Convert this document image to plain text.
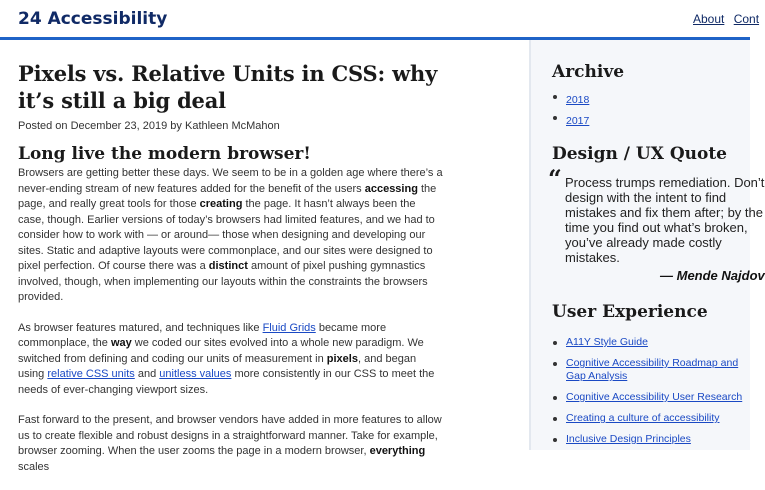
24 Accessibility	About Cont
Pixels vs. Relative Units in CSS: why it’s still a big deal

Posted on December 23, 2019 by Kathleen McMahon

Long live the modern browser!

Browsers are getting better these days. We seem to be in a golden age where there’s a never-ending stream of new features added for the benefit of the users accessing the page, and really great tools for those creating the page. It hasn’t always been the case, though. Earlier versions of today’s browsers had limited features, and we had to consider how to work with — or around— those when designing and developing our sites. Static and adaptive layouts were commonplace, and our sites were designed to pixel perfection. Of course there was a distinct amount of pixel pushing gymnastics involved, though, when implementing our layouts within the constraints the browsers provided.

As browser features matured, and techniques like Fluid Grids became more commonplace, the way we coded our sites evolved into a whole new paradigm. We switched from defining and coding our units of measurement in pixels, and began using relative CSS units and unitless values more consistently in our CSS to meet the needs of ever-changing viewport sizes.

Fast forward to the present, and browser vendors have added in more features to allow us to create flexible and robust designs in a straightforward manner. Take for example, browser zooming. When the user zooms the page in a modern browser, everything scales

Archive
2018
2017
Design / UX Quote
“ Process trumps remediation. Don’t design with the intent to find mistakes and fix them after; by the time you find out what’s broken, you’ve already made costly mistakes.

— Mende Najdov

User Experience
A11Y Style Guide
Cognitive Accessibility Roadmap and Gap Analysis
Cognitive Accessibility User Research
Creating a culture of accessibility
Inclusive Design Principles
